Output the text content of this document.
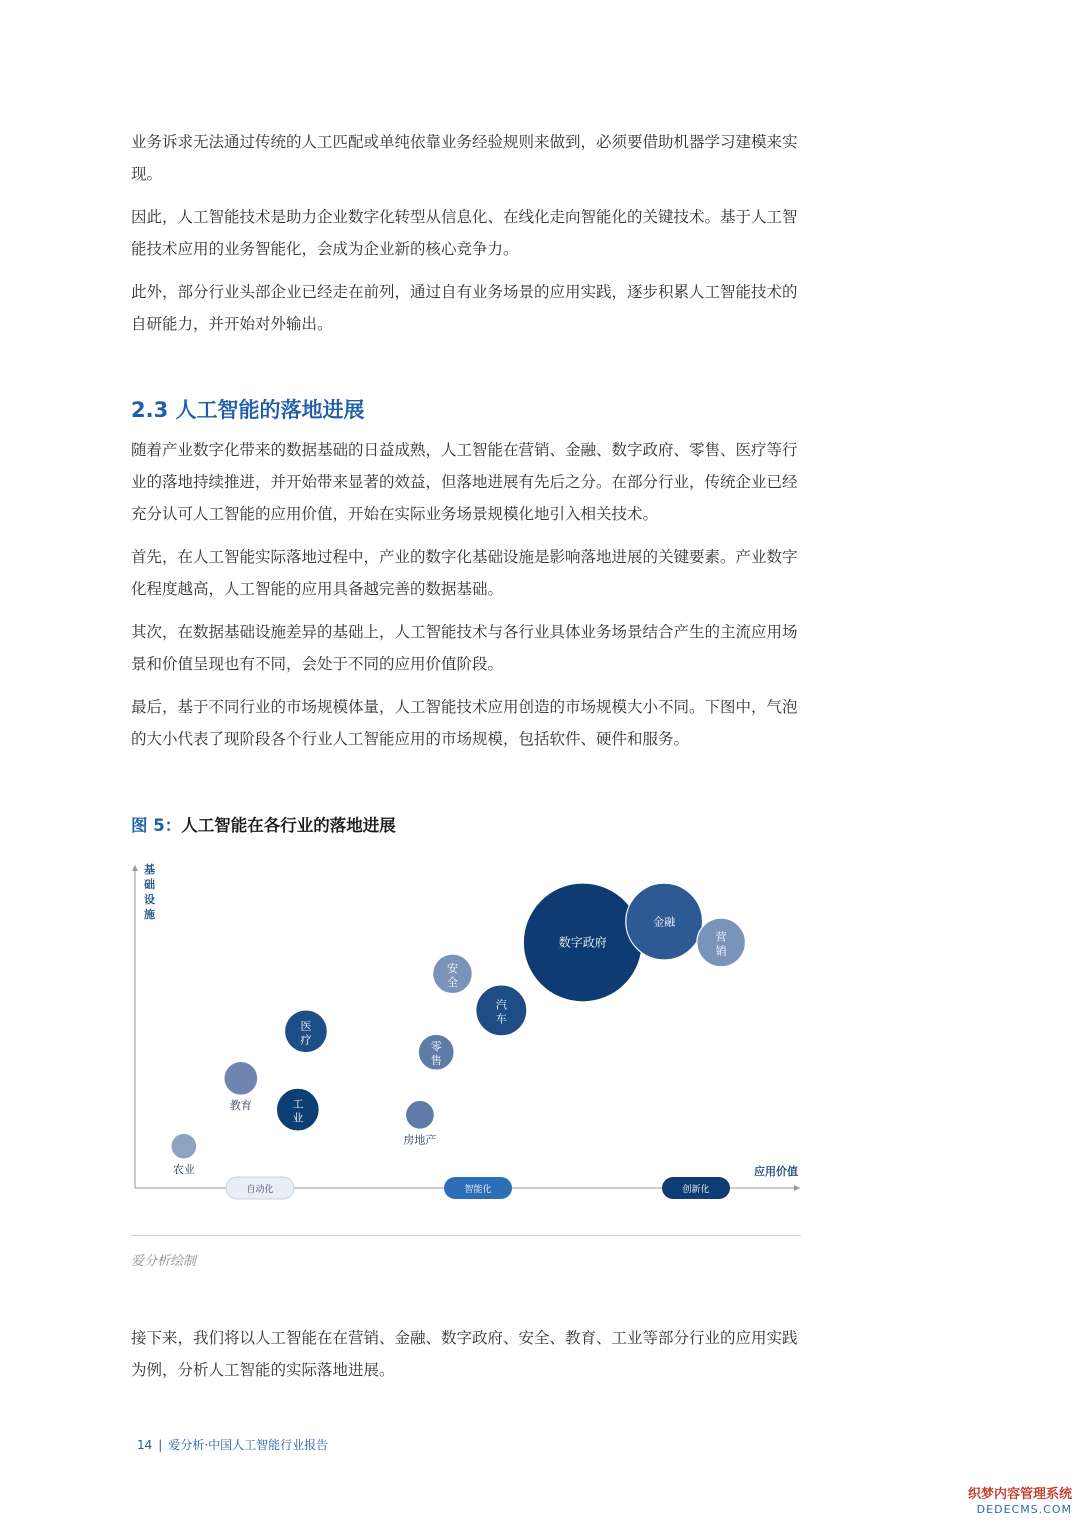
业务诉求无法通过传统的人工匹配或单纯依靠业务经验规则来做到，必须要借助机器学习建模来实现。

因此，人工智能技术是助力企业数字化转型从信息化、在线化走向智能化的关键技术。基于人工智能技术应用的业务智能化，会成为企业新的核心竞争力。

此外，部分行业头部企业已经走在前列，通过自有业务场景的应用实践，逐步积累人工智能技术的自研能力，并开始对外输出。

2.3 人工智能的落地进展

随着产业数字化带来的数据基础的日益成熟，人工智能在营销、金融、数字政府、零售、医疗等行业的落地持续推进，并开始带来显著的效益，但落地进展有先后之分。在部分行业，传统企业已经充分认可人工智能的应用价值，开始在实际业务场景规模化地引入相关技术。

首先，在人工智能实际落地过程中，产业的数字化基础设施是影响落地进展的关键要素。产业数字化程度越高，人工智能的应用具备越完善的数据基础。

其次，在数据基础设施差异的基础上，人工智能技术与各行业具体业务场景结合产生的主流应用场景和价值呈现也有不同，会处于不同的应用价值阶段。

最后，基于不同行业的市场规模体量，人工智能技术应用创造的市场规模大小不同。下图中，气泡的大小代表了现阶段各个行业人工智能应用的市场规模，包括软件、硬件和服务。

图 5：人工智能在各行业的落地进展

自动化	智能化	创新化
农业
教育	工业
医疗
房地产
零售
安全
汽车
数字政府
金融
营销
基础设施
应用价值
爱分析绘制

接下来，我们将以人工智能在在营销、金融、数字政府、安全、教育、工业等部分行业的应用实践为例，分析人工智能的实际落地进展。

14 | 爱分析·中国人工智能行业报告
织梦内容管理系统
DEDECMS.COM
